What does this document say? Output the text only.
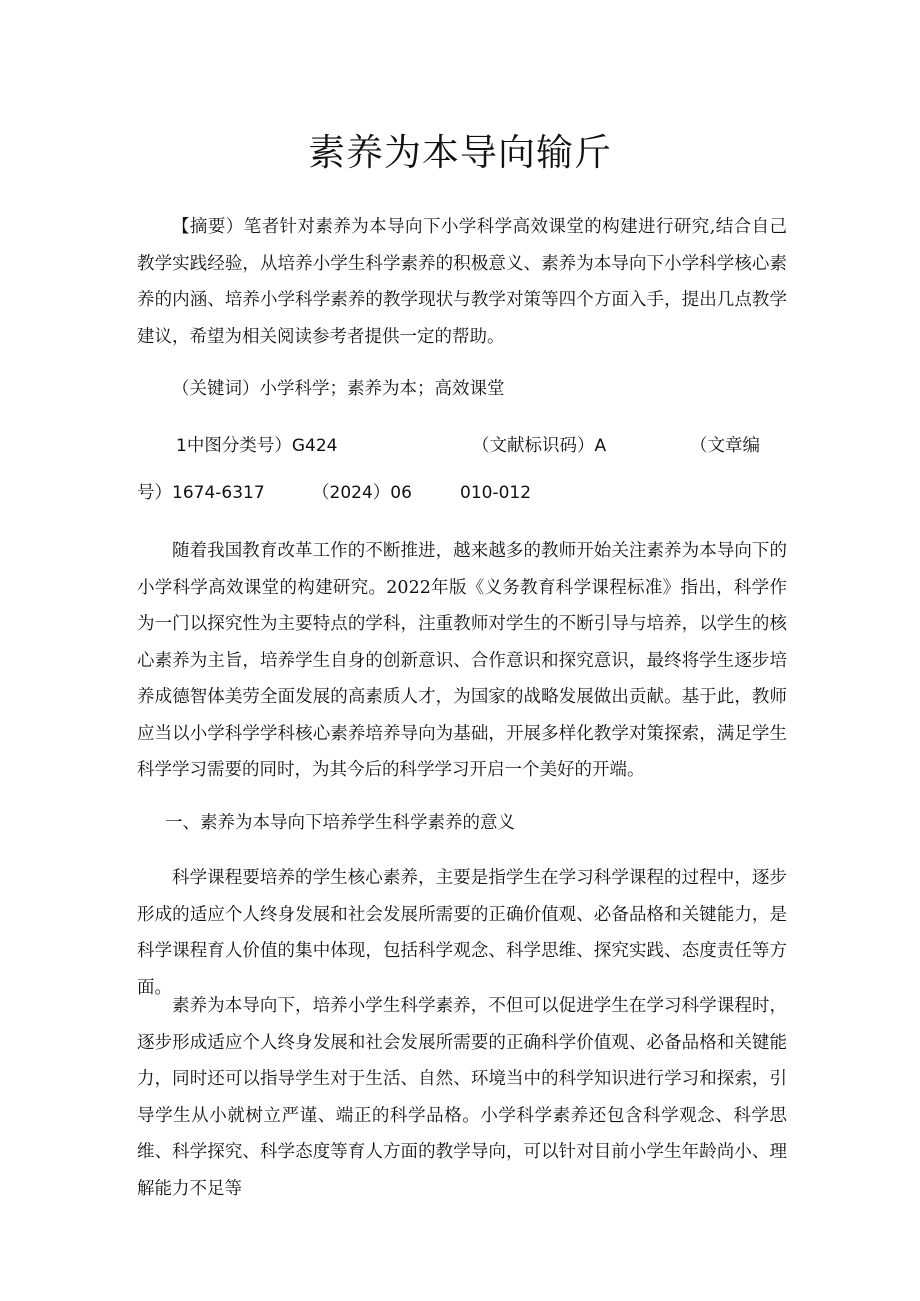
素养为本导向输斤

【摘要）笔者针对素养为本导向下小学科学高效课堂的构建进行研究,结合自己教学实践经验，从培养小学生科学素养的积极意义、素养为本导向下小学科学核心素养的内涵、培养小学科学素养的教学现状与教学对策等四个方面入手，提出几点教学建议，希望为相关阅读参考者提供一定的帮助。

（关键词）小学科学；素养为本；高效课堂

1中图分类号）G424	（文献标识码）A	（文章编

号）1674-6317	（2024）06	010-012

随着我国教育改革工作的不断推进，越来越多的教师开始关注素养为本导向下的小学科学高效课堂的构建研究。2022年版《义务教育科学课程标准》指出，科学作为一门以探究性为主要特点的学科，注重教师对学生的不断引导与培养，以学生的核心素养为主旨，培养学生自身的创新意识、合作意识和探究意识，最终将学生逐步培养成德智体美劳全面发展的高素质人才，为国家的战略发展做出贡献。基于此，教师应当以小学科学学科核心素养培养导向为基础，开展多样化教学对策探索，满足学生科学学习需要的同时，为其今后的科学学习开启一个美好的开端。

一、素养为本导向下培养学生科学素养的意义

科学课程要培养的学生核心素养，主要是指学生在学习科学课程的过程中，逐步形成的适应个人终身发展和社会发展所需要的正确价值观、必备品格和关键能力，是科学课程育人价值的集中体现，包括科学观念、科学思维、探究实践、态度责任等方面。

素养为本导向下，培养小学生科学素养，不但可以促进学生在学习科学课程时，逐步形成适应个人终身发展和社会发展所需要的正确科学价值观、必备品格和关键能力，同时还可以指导学生对于生活、自然、环境当中的科学知识进行学习和探索，引导学生从小就树立严谨、端正的科学品格。小学科学素养还包含科学观念、科学思维、科学探究、科学态度等育人方面的教学导向，可以针对目前小学生年龄尚小、理解能力不足等
